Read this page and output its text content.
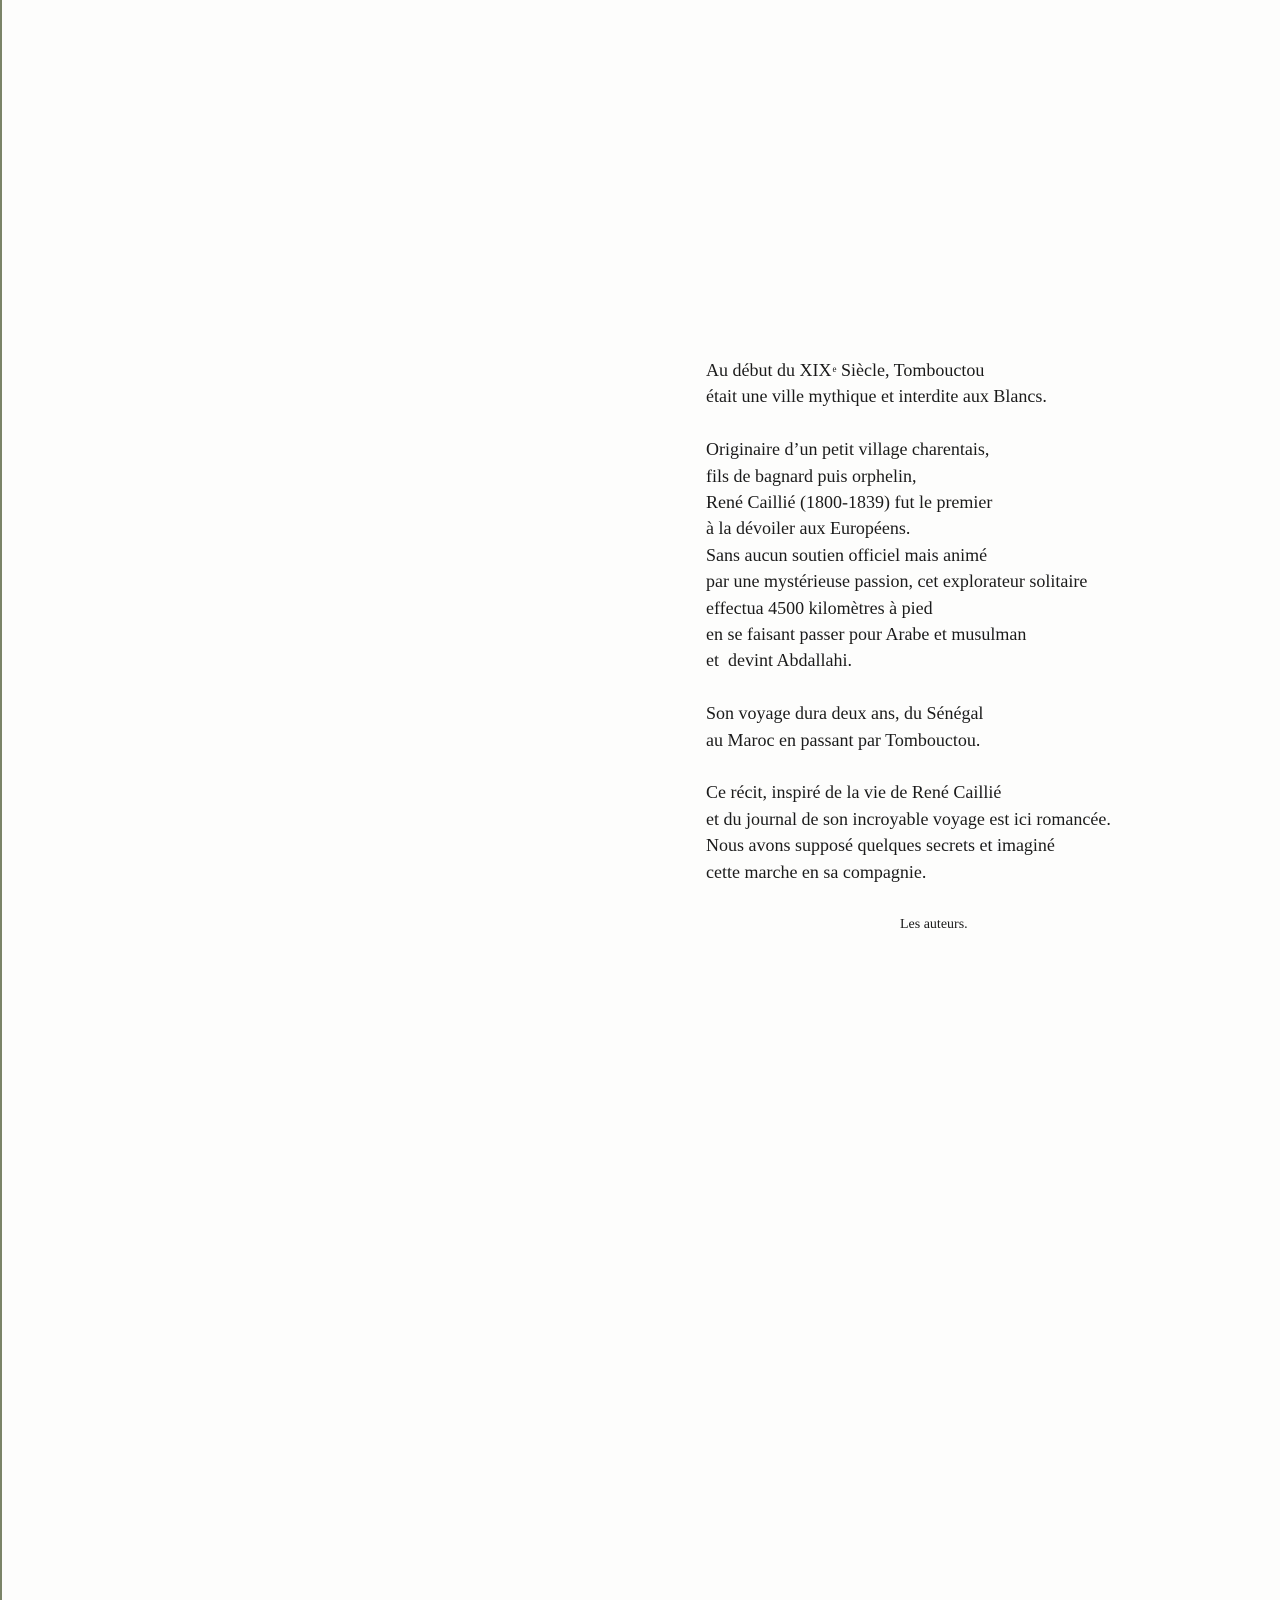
Au début du XIXe Siècle, Tombouctou
était une ville mythique et interdite aux Blancs.

Originaire d’un petit village charentais,
fils de bagnard puis orphelin,
René Caillié (1800-1839) fut le premier
à la dévoiler aux Européens.
Sans aucun soutien officiel mais animé
par une mystérieuse passion, cet explorateur solitaire
effectua 4500 kilomètres à pied
en se faisant passer pour Arabe et musulman
et  devint Abdallahi.

Son voyage dura deux ans, du Sénégal
au Maroc en passant par Tombouctou.

Ce récit, inspiré de la vie de René Caillié
et du journal de son incroyable voyage est ici romancée.
Nous avons supposé quelques secrets et imaginé
cette marche en sa compagnie.

Les auteurs.
